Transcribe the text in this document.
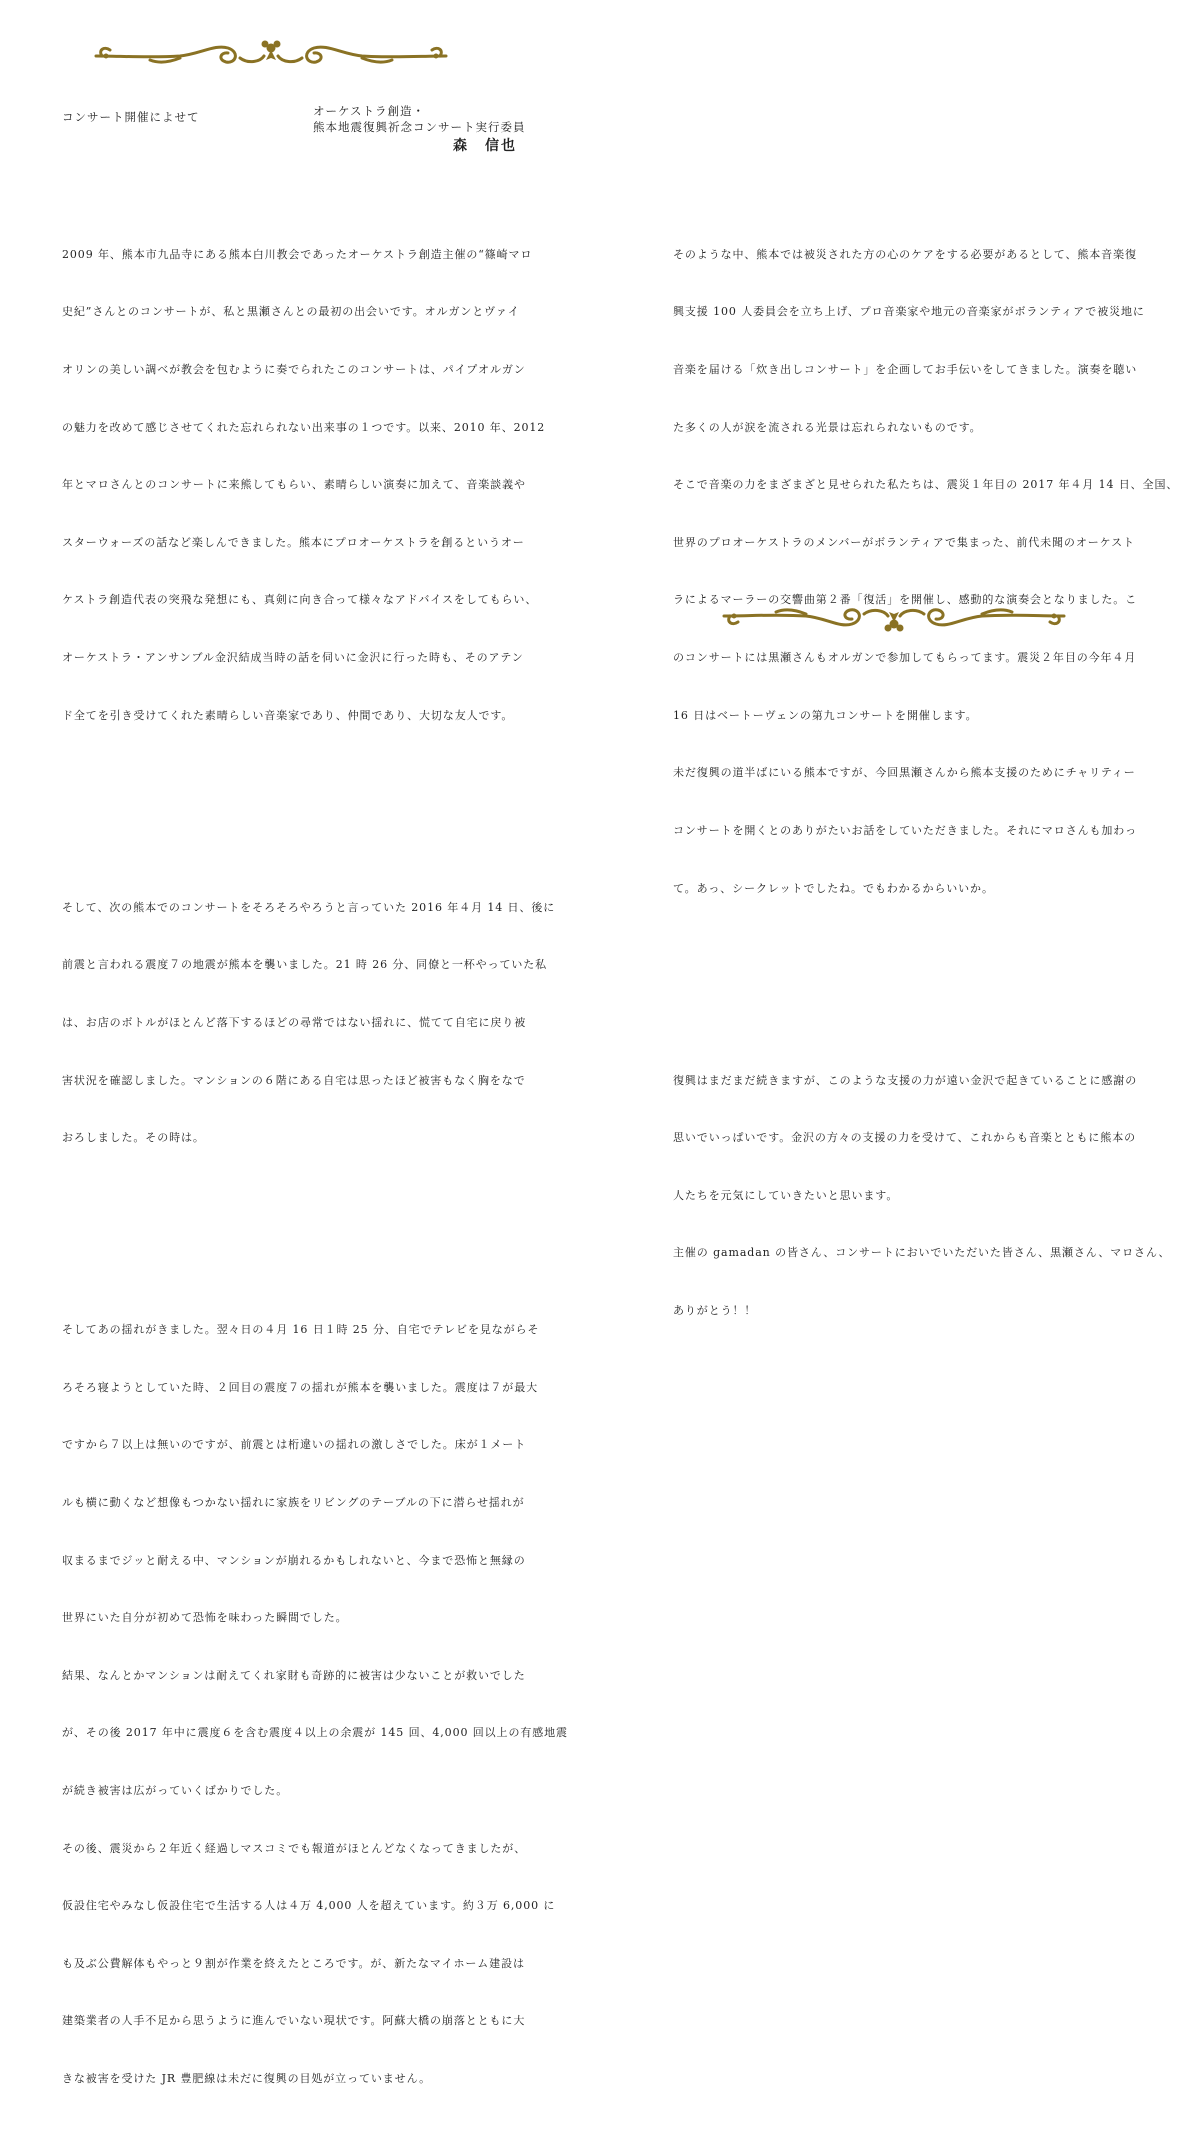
コンサート開催によせて	オーケストラ創造・
熊本地震復興祈念コンサート実行委員
森　信也

2009 年、熊本市九品寺にある熊本白川教会であったオーケストラ創造主催の“篠崎マロ

史紀”さんとのコンサートが、私と黒瀬さんとの最初の出会いです。オルガンとヴァイ

オリンの美しい調べが教会を包むように奏でられたこのコンサートは、パイプオルガン

の魅力を改めて感じさせてくれた忘れられない出来事の１つです。以来、2010 年、2012

年とマロさんとのコンサートに来熊してもらい、素晴らしい演奏に加えて、音楽談義や

スターウォーズの話など楽しんできました。熊本にプロオーケストラを創るというオー

ケストラ創造代表の突飛な発想にも、真剣に向き合って様々なアドバイスをしてもらい、

オーケストラ・アンサンブル金沢結成当時の話を伺いに金沢に行った時も、そのアテン

ド全てを引き受けてくれた素晴らしい音楽家であり、仲間であり、大切な友人です。

そして、次の熊本でのコンサートをそろそろやろうと言っていた 2016 年４月 14 日、後に

前震と言われる震度７の地震が熊本を襲いました。21 時 26 分、同僚と一杯やっていた私

は、お店のボトルがほとんど落下するほどの尋常ではない揺れに、慌てて自宅に戻り被

害状況を確認しました。マンションの６階にある自宅は思ったほど被害もなく胸をなで

おろしました。その時は。

そしてあの揺れがきました。翌々日の４月 16 日１時 25 分、自宅でテレビを見ながらそ

ろそろ寝ようとしていた時、２回目の震度７の揺れが熊本を襲いました。震度は７が最大

ですから７以上は無いのですが、前震とは桁違いの揺れの激しさでした。床が１メート

ルも横に動くなど想像もつかない揺れに家族をリビングのテーブルの下に潜らせ揺れが

収まるまでジッと耐える中、マンションが崩れるかもしれないと、今まで恐怖と無縁の

世界にいた自分が初めて恐怖を味わった瞬間でした。

結果、なんとかマンションは耐えてくれ家財も奇跡的に被害は少ないことが救いでした

が、その後 2017 年中に震度６を含む震度４以上の余震が 145 回、4,000 回以上の有感地震

が続き被害は広がっていくばかりでした。

その後、震災から２年近く経過しマスコミでも報道がほとんどなくなってきましたが、

仮設住宅やみなし仮設住宅で生活する人は４万 4,000 人を超えています。約３万 6,000 に

も及ぶ公費解体もやっと９割が作業を終えたところです。が、新たなマイホーム建設は

建築業者の人手不足から思うように進んでいない現状です。阿蘇大橋の崩落とともに大

きな被害を受けた JR 豊肥線は未だに復興の目処が立っていません。

そのような中、熊本では被災された方の心のケアをする必要があるとして、熊本音楽復

興支援 100 人委員会を立ち上げ、プロ音楽家や地元の音楽家がボランティアで被災地に

音楽を届ける「炊き出しコンサート」を企画してお手伝いをしてきました。演奏を聴い

た多くの人が涙を流される光景は忘れられないものです。

そこで音楽の力をまざまざと見せられた私たちは、震災１年目の 2017 年４月 14 日、全国、

世界のプロオーケストラのメンバーがボランティアで集まった、前代未聞のオーケスト

ラによるマーラーの交響曲第２番「復活」を開催し、感動的な演奏会となりました。こ

のコンサートには黒瀬さんもオルガンで参加してもらってます。震災２年目の今年４月

16 日はベートーヴェンの第九コンサートを開催します。

未だ復興の道半ばにいる熊本ですが、今回黒瀬さんから熊本支援のためにチャリティー

コンサートを開くとのありがたいお話をしていただきました。それにマロさんも加わっ

て。あっ、シークレットでしたね。でもわかるからいいか。

復興はまだまだ続きますが、このような支援の力が遠い金沢で起きていることに感謝の

思いでいっぱいです。金沢の方々の支援の力を受けて、これからも音楽とともに熊本の

人たちを元気にしていきたいと思います。

主催の gamadan の皆さん、コンサートにおいでいただいた皆さん、黒瀬さん、マロさん、

ありがとう！！
